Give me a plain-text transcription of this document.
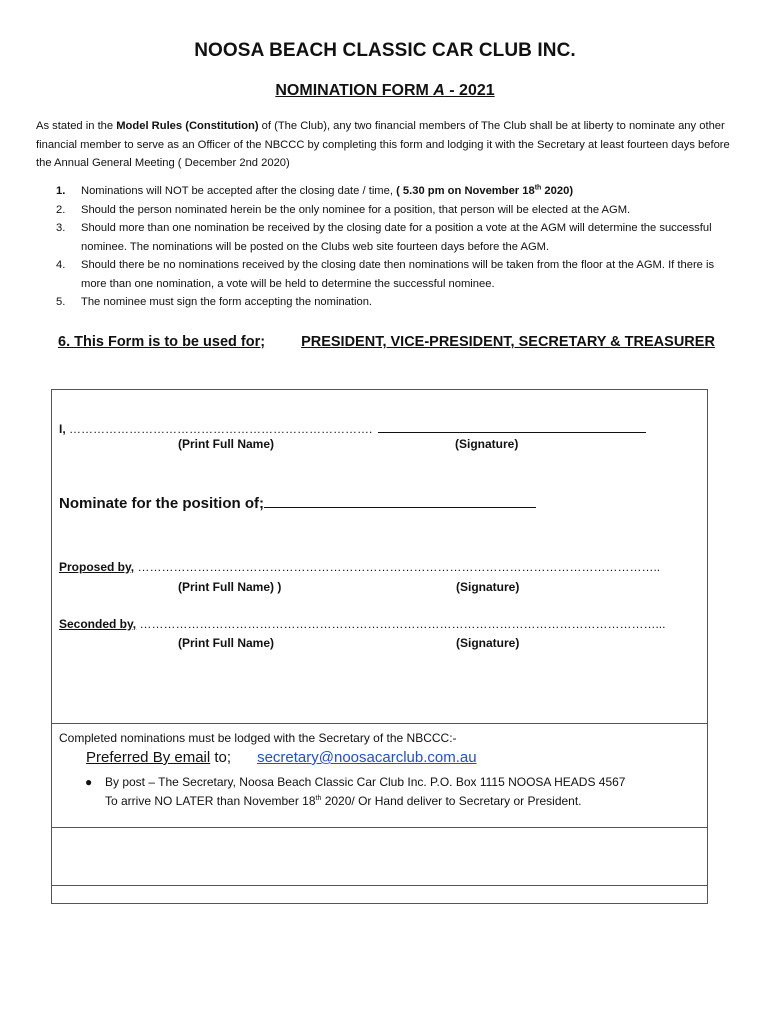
NOOSA BEACH CLASSIC CAR CLUB INC.
NOMINATION FORM A - 2021
As stated in the Model Rules (Constitution) of (The Club), any two financial members of The Club shall be at liberty to nominate any other financial member to serve as an Officer of the NBCCC by completing this form and lodging it with the Secretary at least fourteen days before the Annual General Meeting ( December 2nd 2020)
1. Nominations will NOT be accepted after the closing date / time, ( 5.30 pm on November 18th 2020)
2. Should the person nominated herein be the only nominee for a position, that person will be elected at the AGM.
3. Should more than one nomination be received by the closing date for a position a vote at the AGM will determine the successful nominee. The nominations will be posted on the Clubs web site fourteen days before the AGM.
4. Should there be no nominations received by the closing date then nominations will be taken from the floor at the AGM. If there is more than one nomination, a vote will be held to determine the successful nominee.
5. The nominee must sign the form accepting the nomination.
6. This Form is to be used for; PRESIDENT, VICE-PRESIDENT, SECRETARY & TREASURER
I, ………………………………………………………………….
(Print Full Name)	(Signature)
Nominate for the position of;
Proposed by, …………………………………………………………………………………………………………………..
(Print Full Name) )	(Signature)
Seconded by, …………………………………………………………………………………………………………………...
(Print Full Name)	(Signature)
Completed nominations must be lodged with the Secretary of the NBCCC:-
Preferred By email to; secretary@noosacarclub.com.au
● By post – The Secretary, Noosa Beach Classic Car Club Inc. P.O. Box 1115 NOOSA HEADS 4567
To arrive NO LATER than November 18th 2020/ Or Hand deliver to Secretary or President.
